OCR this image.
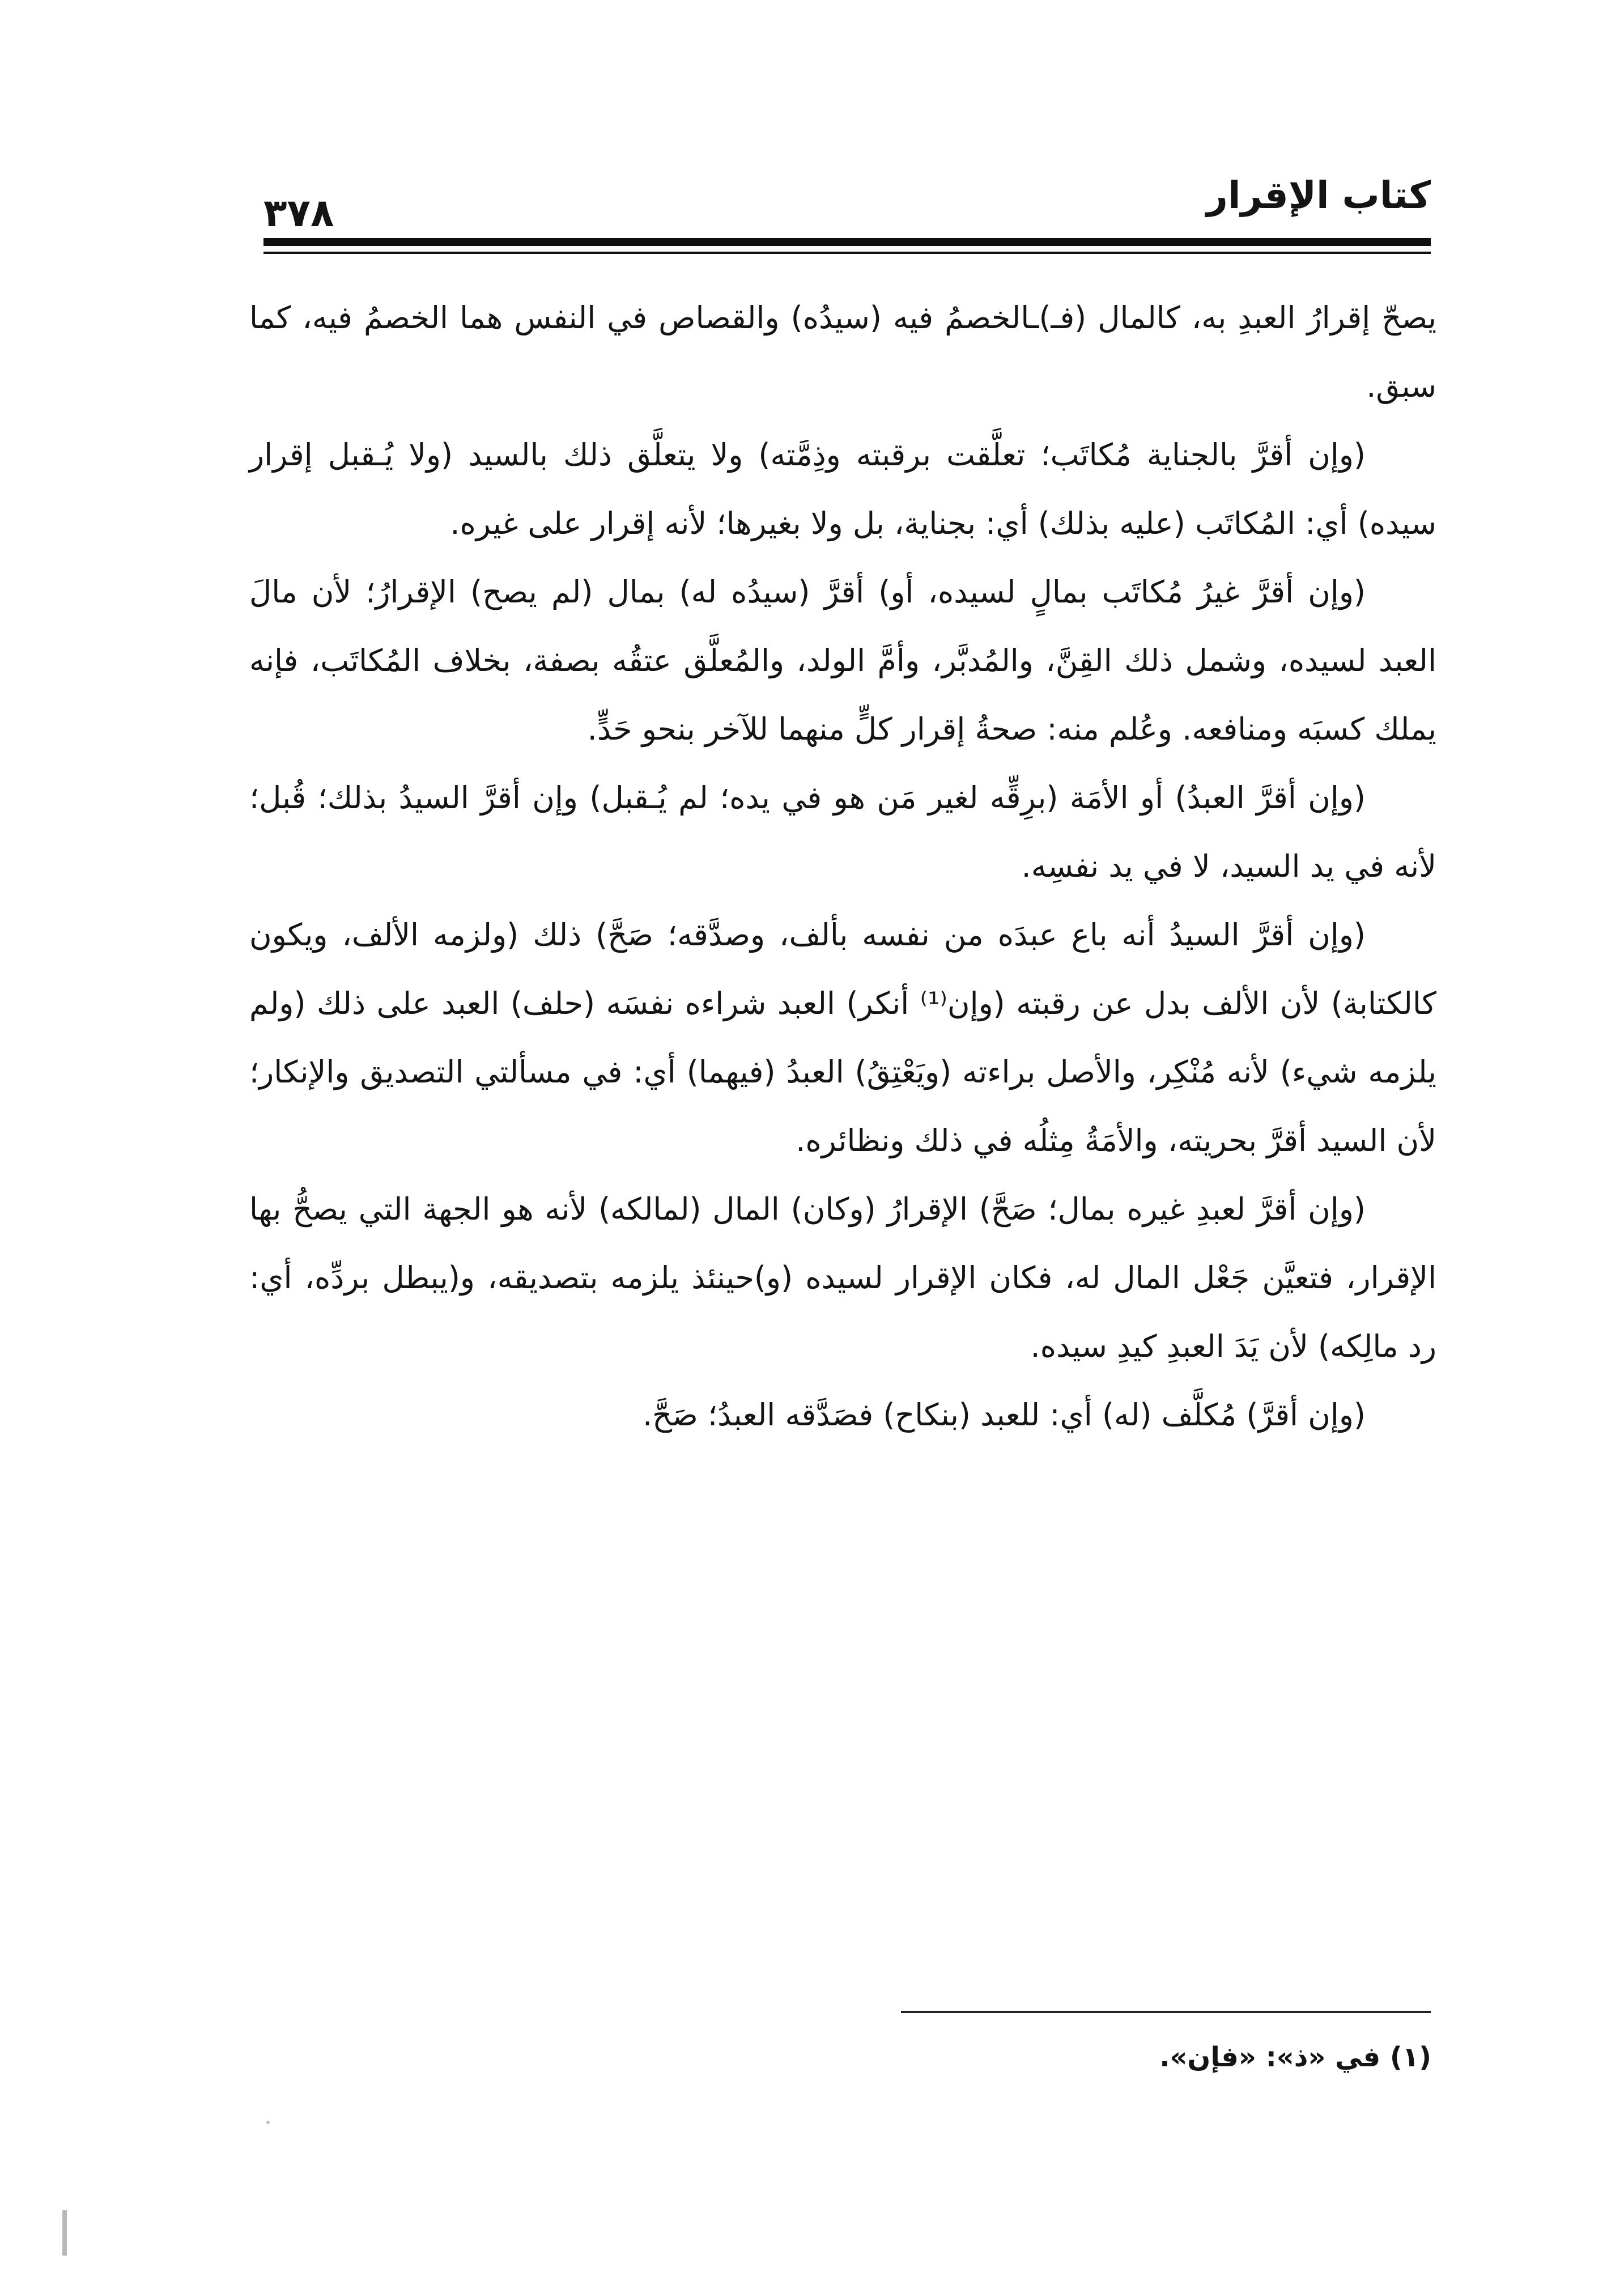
كتاب الإقرار
٣٧٨

يصحّ إقرارُ العبدِ به، كالمال (فـ)ـالخصمُ فيه (سيدُه) والقصاص في النفس هما الخصمُ فيه، كما سبق.

(وإن أقرَّ بالجناية مُكاتَب؛ تعلَّقت برقبته وذِمَّته) ولا يتعلَّق ذلك بالسيد (ولا يُـقبل إقرار سيده) أي: المُكاتَب (عليه بذلك) أي: بجناية، بل ولا بغيرها؛ لأنه إقرار على غيره.

(وإن أقرَّ غيرُ مُكاتَب بمالٍ لسيده، أو) أقرَّ (سيدُه له) بمال (لم يصح) الإقرارُ؛ لأن مالَ العبد لسيده، وشمل ذلك القِنَّ، والمُدبَّر، وأمَّ الولد، والمُعلَّق عتقُه بصفة، بخلاف المُكاتَب، فإنه يملك كسبَه ومنافعه. وعُلم منه: صحةُ إقرار كلٍّ منهما للآخر بنحو حَدٍّ.

(وإن أقرَّ العبدُ) أو الأمَة (برِقِّه لغير مَن هو في يده؛ لم يُـقبل) وإن أقرَّ السيدُ بذلك؛ قُبل؛ لأنه في يد السيد، لا في يد نفسِه.

(وإن أقرَّ السيدُ أنه باع عبدَه من نفسه بألف، وصدَّقه؛ صَحَّ) ذلك (ولزمه الألف، ويكون كالكتابة) لأن الألف بدل عن رقبته (وإن⁽¹⁾ أنكر) العبد شراءه نفسَه (حلف) العبد على ذلك (ولم يلزمه شيء) لأنه مُنْكِر، والأصل براءته (ويَعْتِقُ) العبدُ (فيهما) أي: في مسألتي التصديق والإنكار؛ لأن السيد أقرَّ بحريته، والأمَةُ مِثلُه في ذلك ونظائره.

(وإن أقرَّ لعبدِ غيره بمال؛ صَحَّ) الإقرارُ (وكان) المال (لمالكه) لأنه هو الجهة التي يصحُّ بها الإقرار، فتعيَّن جَعْل المال له، فكان الإقرار لسيده (و)حينئذ يلزمه بتصديقه، و(يبطل بردِّه، أي: رد مالِكه) لأن يَدَ العبدِ كيدِ سيده.

(وإن أقرَّ) مُكلَّف (له) أي: للعبد (بنكاح) فصَدَّقه العبدُ؛ صَحَّ.

(١) في «ذ»: «فإن».
